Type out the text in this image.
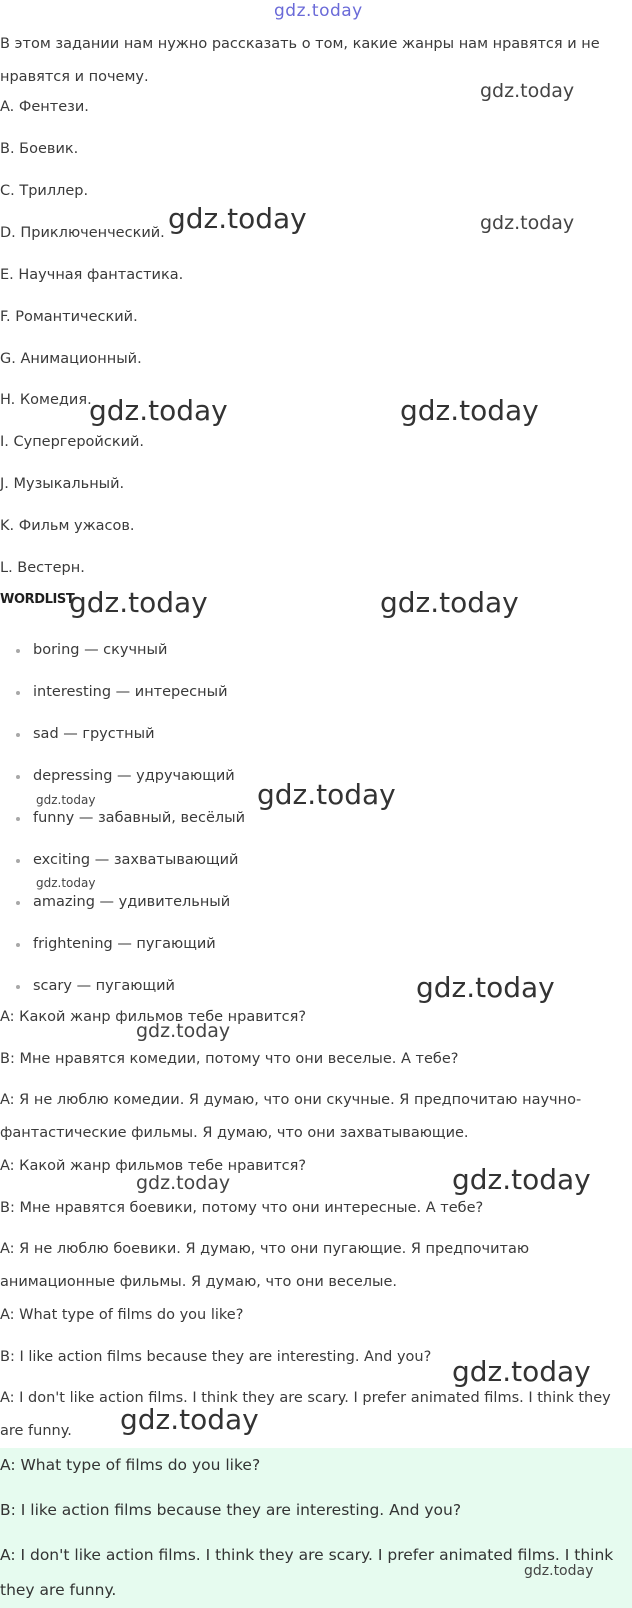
gdz.today
В этом задании нам нужно рассказать о том, какие жанры нам нравятся и не нравятся и почему.
A. Фентези.
B. Боевик.
C. Триллер.
D. Приключенческий.
E. Научная фантастика.
F. Романтический.
G. Анимационный.
H. Комедия.
I. Супергеройский.
J. Музыкальный.
K. Фильм ужасов.
L. Вестерн.
WORDLIST
boring — скучный
interesting — интересный
sad — грустный
depressing — удручающий
funny — забавный, весёлый
exciting — захватывающий
amazing — удивительный
frightening — пугающий
scary — пугающий
A: Какой жанр фильмов тебе нравится?
B: Мне нравятся комедии, потому что они веселые. А тебе?
A: Я не люблю комедии. Я думаю, что они скучные. Я предпочитаю научно-фантастические фильмы. Я думаю, что они захватывающие.
A: Какой жанр фильмов тебе нравится?
B: Мне нравятся боевики, потому что они интересные. А тебе?
A: Я не люблю боевики. Я думаю, что они пугающие. Я предпочитаю анимационные фильмы. Я думаю, что они веселые.
A: What type of films do you like?
B: I like action films because they are interesting. And you?
A: I don't like action films. I think they are scary. I prefer animated films. I think they are funny.
A: What type of films do you like?
B: I like action films because they are interesting. And you?
A: I don't like action films. I think they are scary. I prefer animated films. I think they are funny.
gdz.today
gdz.today	gdz.today
gdz.today	gdz.today
gdz.today	gdz.today
gdz.today	gdz.today
gdz.today
gdz.today
gdz.today
gdz.today	gdz.today
gdz.today
gdz.today
gdz.today
